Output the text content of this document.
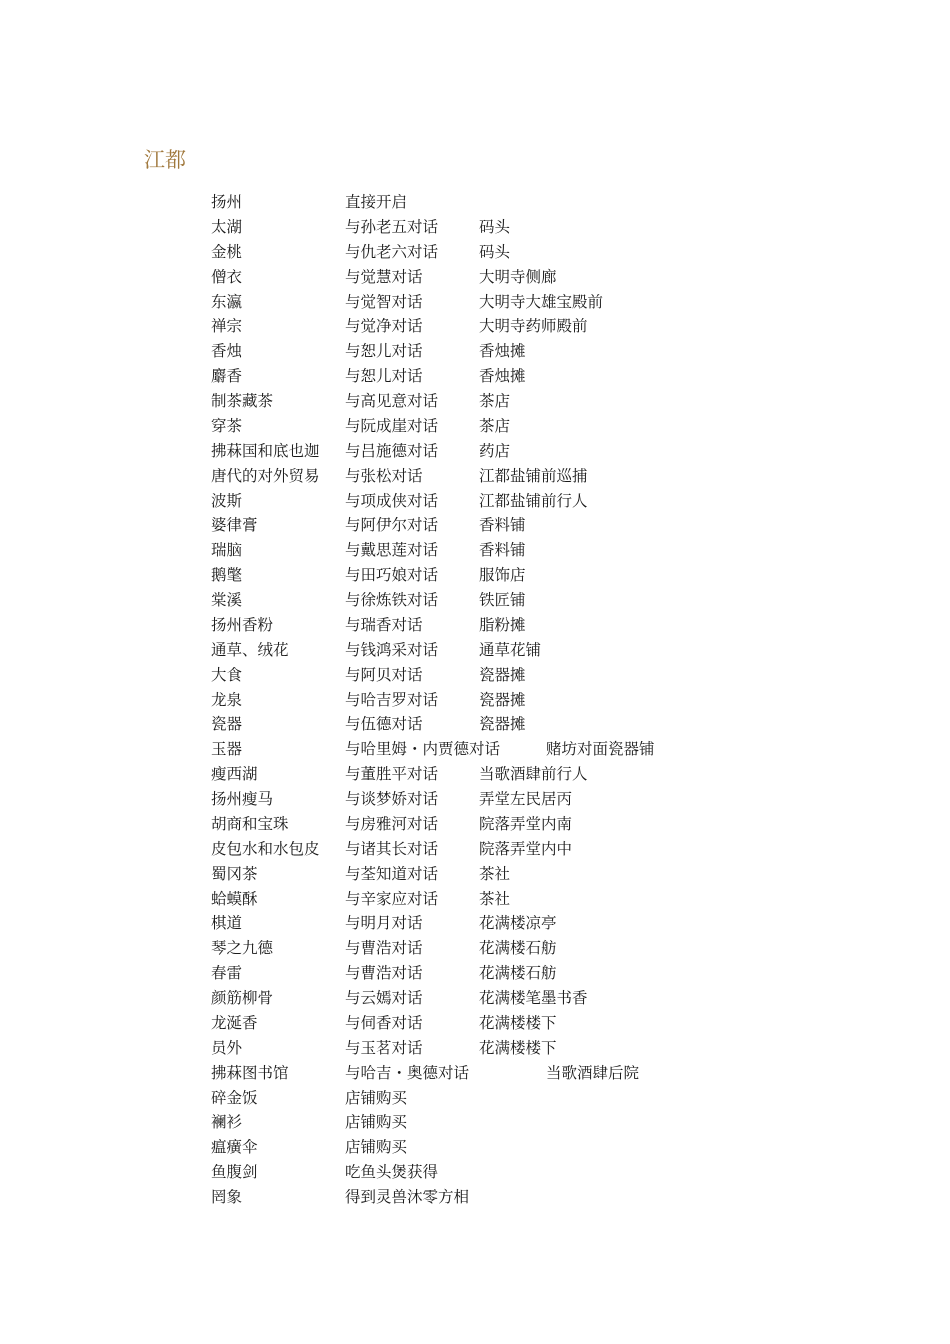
江都
扬州	直接开启
太湖	与孙老五对话	码头
金桃	与仇老六对话	码头
僧衣	与觉慧对话	大明寺侧廊
东瀛	与觉智对话	大明寺大雄宝殿前
禅宗	与觉净对话	大明寺药师殿前
香烛	与恕儿对话	香烛摊
麝香	与恕儿对话	香烛摊
制茶藏茶	与高见意对话	茶店
穿茶	与阮成崖对话	茶店
拂菻国和底也迦 与吕施德对话	药店
唐代的对外贸易 与张松对话	江都盐铺前巡捕
波斯	与项成侠对话	江都盐铺前行人
婆律膏	与阿伊尔对话	香料铺
瑞脑	与戴思莲对话	香料铺
鹅氅	与田巧娘对话	服饰店
棠溪	与徐炼铁对话	铁匠铺
扬州香粉	与瑞香对话	脂粉摊
通草、绒花	与钱鸿采对话	通草花铺
大食	与阿贝对话	瓷器摊
龙泉	与哈吉罗对话	瓷器摊
瓷器	与伍德对话	瓷器摊
玉器	与哈里姆・内贾德对话	赌坊对面瓷器铺
瘦西湖	与董胜平对话	当歌酒肆前行人
扬州瘦马	与谈梦娇对话	弄堂左民居丙
胡商和宝珠	与房雅河对话	院落弄堂内南
皮包水和水包皮 与诸其长对话	院落弄堂内中
蜀冈茶	与荃知道对话	茶社
蛤蟆酥	与辛家应对话	茶社
棋道	与明月对话	花满楼凉亭
琴之九德	与曹浩对话	花满楼石舫
春雷	与曹浩对话	花满楼石舫
颜筋柳骨	与云嫣对话	花满楼笔墨书香
龙涎香	与伺香对话	花满楼楼下
员外	与玉茗对话	花满楼楼下
拂菻图书馆	与哈吉・奥德对话	当歌酒肆后院
碎金饭	店铺购买
襕衫	店铺购买
瘟癀伞	店铺购买
鱼腹剑	吃鱼头煲获得
罔象	得到灵兽沐零方相
